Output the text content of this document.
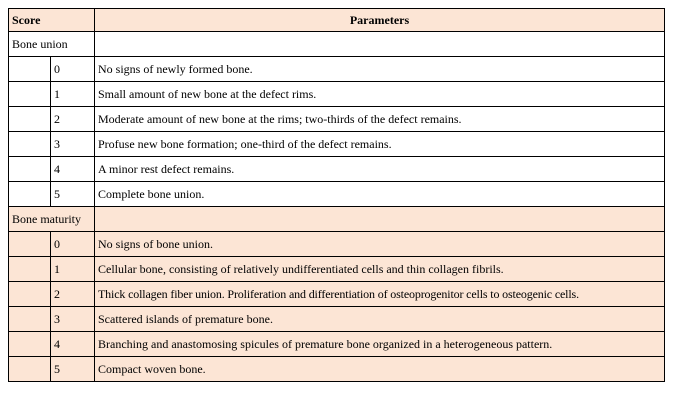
Score		Parameters
Bone union		
	0	No signs of newly formed bone.
	1	Small amount of new bone at the defect rims.
	2	Moderate amount of new bone at the rims; two-thirds of the defect remains.
	3	Profuse new bone formation; one-third of the defect remains.
	4	A minor rest defect remains.
	5	Complete bone union.
Bone maturity		
	0	No signs of bone union.
	1	Cellular bone, consisting of relatively undifferentiated cells and thin collagen fibrils.
	2	Thick collagen fiber union. Proliferation and differentiation of osteoprogenitor cells to osteogenic cells.
	3	Scattered islands of premature bone.
	4	Branching and anastomosing spicules of premature bone organized in a heterogeneous pattern.
	5	Compact woven bone.
